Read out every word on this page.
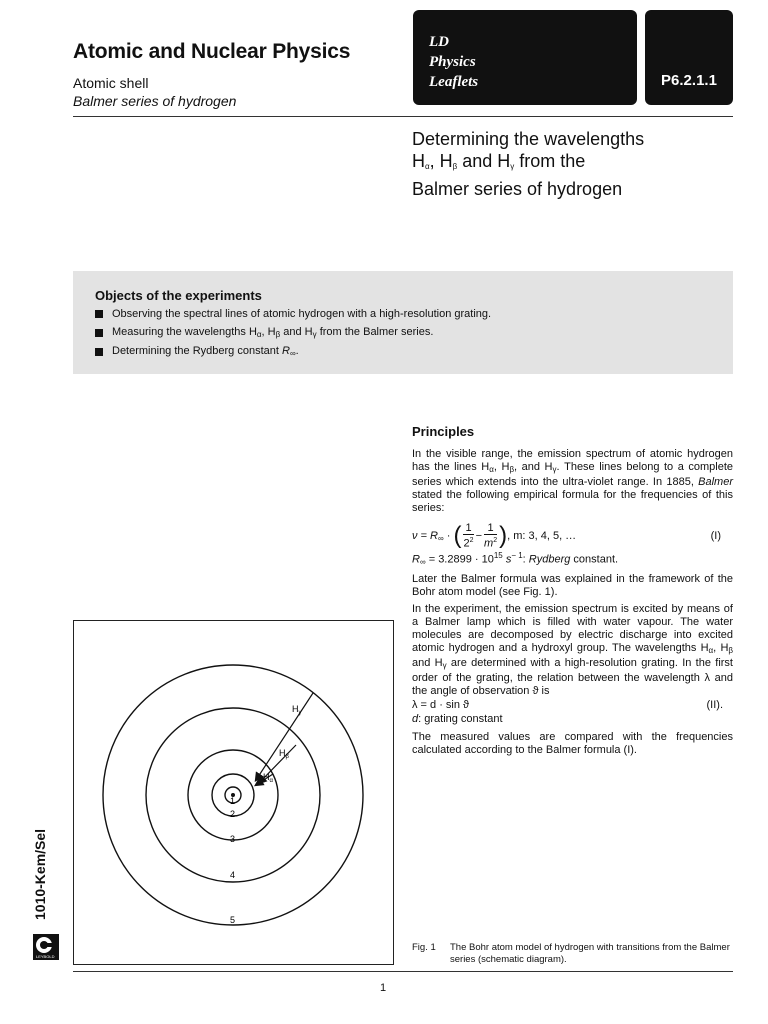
Atomic and Nuclear Physics
Atomic shell
Balmer series of hydrogen
LD
Physics
Leaflets	P6.2.1.1
Determining the wavelengths
$H_\alpha$, $H_\beta$ and $H_\gamma$ from the
Balmer series of hydrogen
Objects of the experiments
Observing the spectral lines of atomic hydrogen with a high-resolution grating.
Measuring the wavelengths $H_\alpha$, $H_\beta$ and $H_\gamma$ from the Balmer series.
Determining the Rydberg constant $R_\infty$.
Principles
In the visible range, the emission spectrum of atomic hydrogen has the lines $H_\alpha$, $H_\beta$, and $H_\gamma$. These lines belong to a complete series which extends into the ultra-violet range. In 1885, Balmer stated the following empirical formula for the frequencies of this series:
$\nu = R_\infty$ · ( $\frac{1}{2^2} - \frac{1}{m^2}$ ), m: 3, 4, 5, …	(I)
$R_\infty = 3.2899 \cdot 10^{15}$ $s^{- 1}$: Rydberg constant.
Later the Balmer formula was explained in the framework of the Bohr atom model (see Fig. 1).
In the experiment, the emission spectrum is excited by means of a Balmer lamp which is filled with water vapour. The water molecules are decomposed by electric discharge into excited atomic hydrogen and a hydroxyl group. The wavelengths $H_\alpha$, $H_\beta$ and $H_\gamma$ are determined with a high-resolution grating. In the first order of the grating, the relation between the wavelength λ and the angle of observation ϑ is
λ = d · sin ϑ	(II).
d: grating constant
The measured values are compared with the frequencies calculated according to the Balmer formula (I).
1
2
3
4
5
$H_\alpha$
$H_\beta$
$H_\gamma$
Fig. 1 The Bohr atom model of hydrogen with transitions from the Balmer series (schematic diagram).
1
1010-Kem/Sel
LEYBOLD
